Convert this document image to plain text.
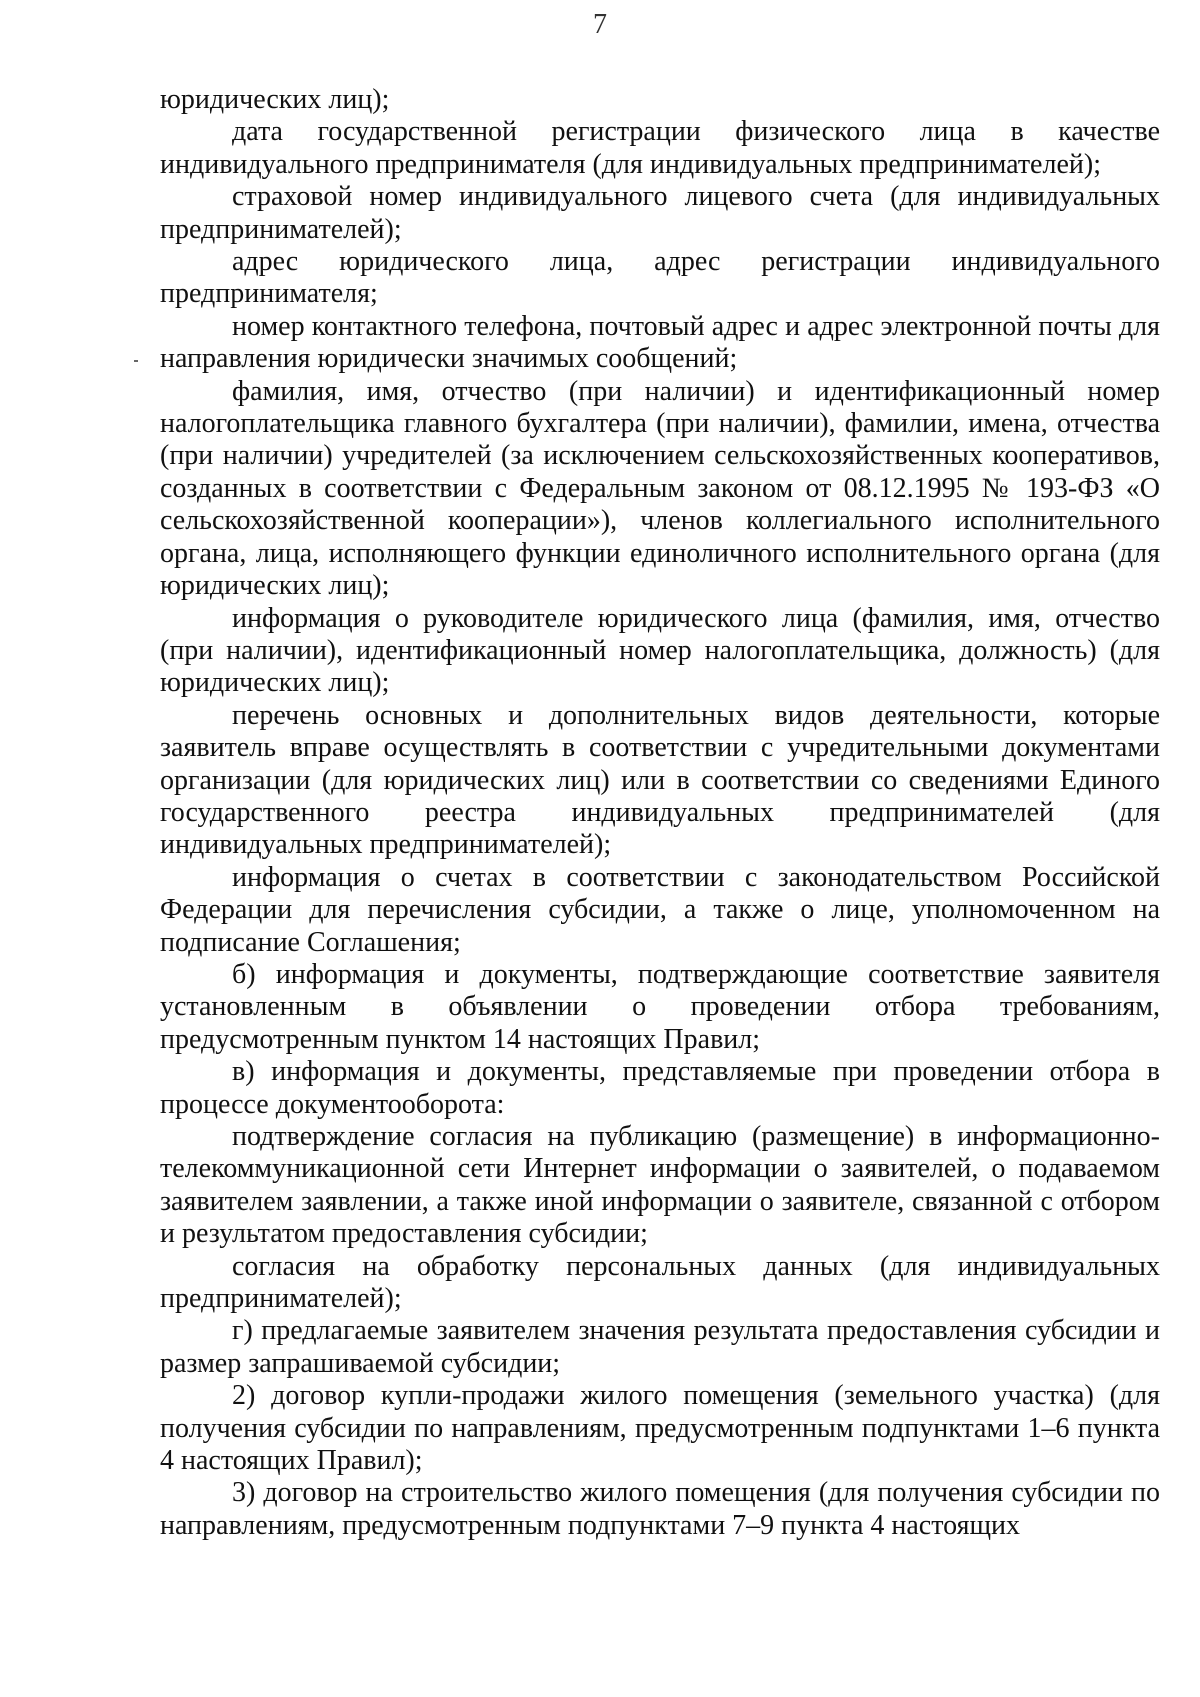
7

юридических лиц);

дата государственной регистрации физического лица в качестве индивидуального предпринимателя (для индивидуальных предпринимателей);

страховой номер индивидуального лицевого счета (для индивидуальных предпринимателей);

адрес юридического лица, адрес регистрации индивидуального предпринимателя;

номер контактного телефона, почтовый адрес и адрес электронной почты для направления юридически значимых сообщений;

фамилия, имя, отчество (при наличии) и идентификационный номер налогоплательщика главного бухгалтера (при наличии), фамилии, имена, отчества (при наличии) учредителей (за исключением сельскохозяйственных кооперативов, созданных в соответствии с Федеральным законом от 08.12.1995 № 193-ФЗ «О сельскохозяйственной кооперации»), членов коллегиального исполнительного органа, лица, исполняющего функции единоличного исполнительного органа (для юридических лиц);

информация о руководителе юридического лица (фамилия, имя, отчество (при наличии), идентификационный номер налогоплательщика, должность) (для юридических лиц);

перечень основных и дополнительных видов деятельности, которые заявитель вправе осуществлять в соответствии с учредительными документами организации (для юридических лиц) или в соответствии со сведениями Единого государственного реестра индивидуальных предпринимателей (для индивидуальных предпринимателей);

информация о счетах в соответствии с законодательством Российской Федерации для перечисления субсидии, а также о лице, уполномоченном на подписание Соглашения;

б) информация и документы, подтверждающие соответствие заявителя установленным в объявлении о проведении отбора требованиям, предусмотренным пунктом 14 настоящих Правил;

в) информация и документы, представляемые при проведении отбора в процессе документооборота:

подтверждение согласия на публикацию (размещение) в информационно-телекоммуникационной сети Интернет информации о заявителей, о подаваемом заявителем заявлении, а также иной информации о заявителе, связанной с отбором и результатом предоставления субсидии;

согласия на обработку персональных данных (для индивидуальных предпринимателей);

г) предлагаемые заявителем значения результата предоставления субсидии и размер запрашиваемой субсидии;

2) договор купли-продажи жилого помещения (земельного участка) (для получения субсидии по направлениям, предусмотренным подпунктами 1–6 пункта 4 настоящих Правил);

3) договор на строительство жилого помещения (для получения субсидии по направлениям, предусмотренным подпунктами 7–9 пункта 4 настоящих
